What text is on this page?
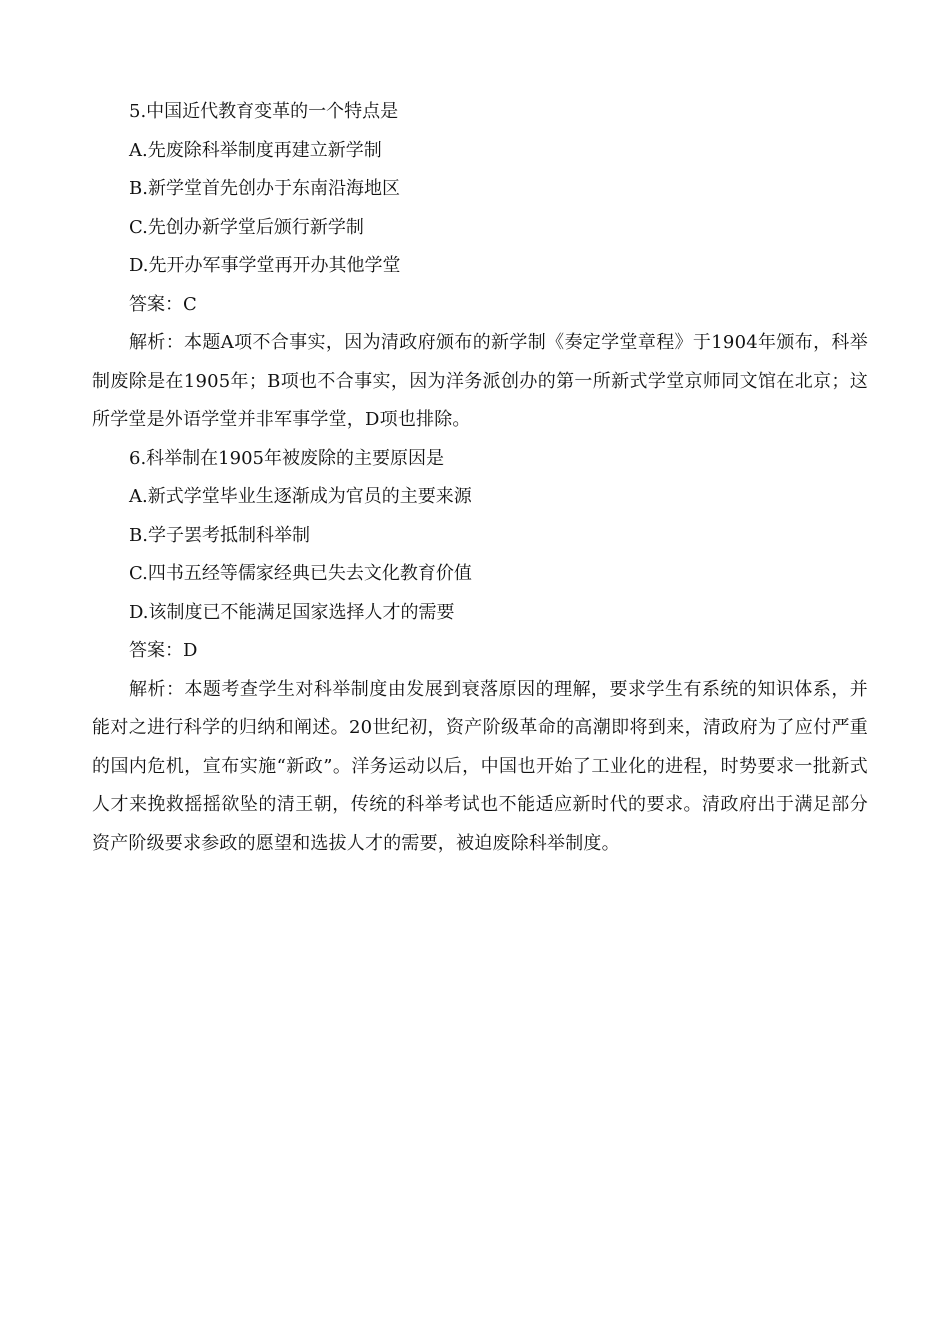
5.中国近代教育变革的一个特点是
A.先废除科举制度再建立新学制
B.新学堂首先创办于东南沿海地区
C.先创办新学堂后颁行新学制
D.先开办军事学堂再开办其他学堂
答案：C
解析：本题A项不合事实，因为清政府颁布的新学制《奏定学堂章程》于1904年颁布，科举制废除是在1905年；B项也不合事实，因为洋务派创办的第一所新式学堂京师同文馆在北京；这所学堂是外语学堂并非军事学堂，D项也排除。
6.科举制在1905年被废除的主要原因是
A.新式学堂毕业生逐渐成为官员的主要来源
B.学子罢考抵制科举制
C.四书五经等儒家经典已失去文化教育价值
D.该制度已不能满足国家选择人才的需要
答案：D
解析：本题考查学生对科举制度由发展到衰落原因的理解，要求学生有系统的知识体系，并能对之进行科学的归纳和阐述。20世纪初，资产阶级革命的高潮即将到来，清政府为了应付严重的国内危机，宣布实施“新政”。洋务运动以后，中国也开始了工业化的进程，时势要求一批新式人才来挽救摇摇欲坠的清王朝，传统的科举考试也不能适应新时代的要求。清政府出于满足部分资产阶级要求参政的愿望和选拔人才的需要，被迫废除科举制度。
